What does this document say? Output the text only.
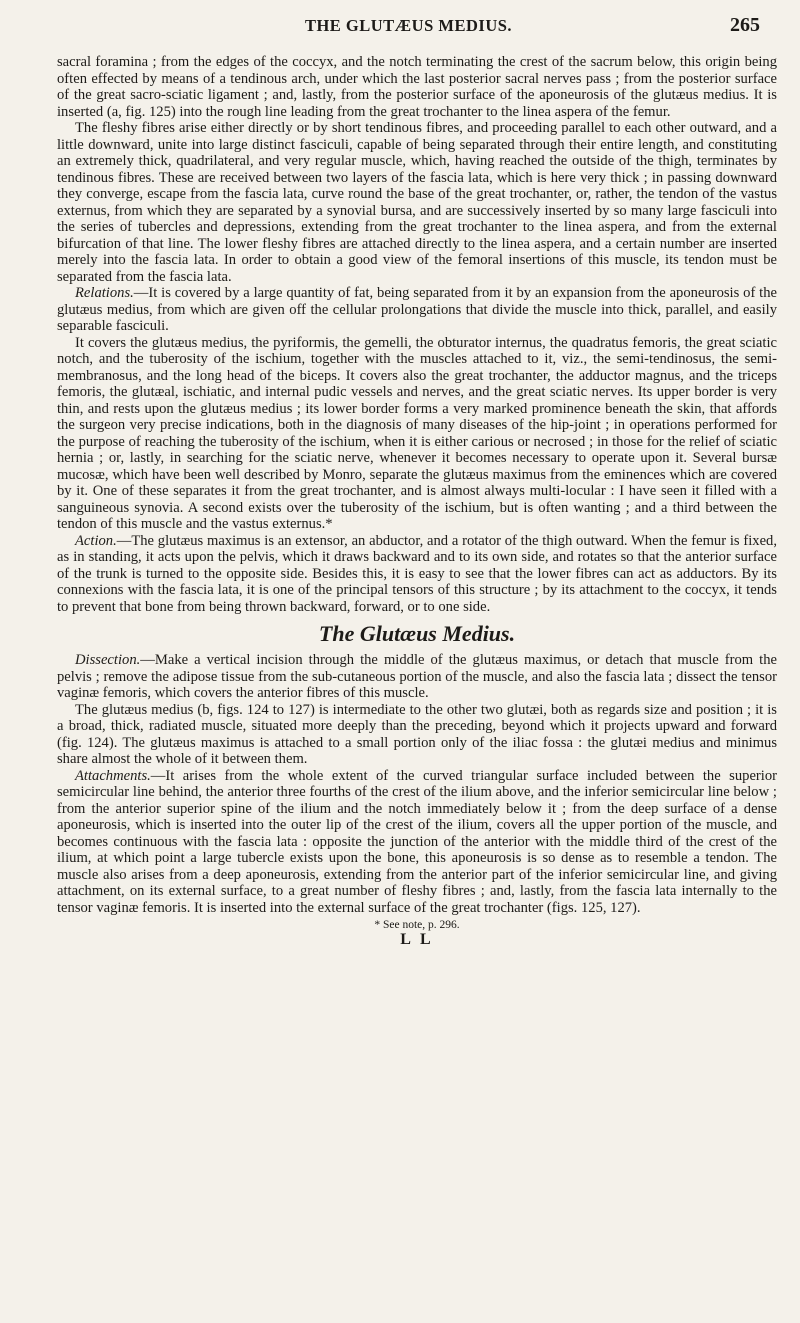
THE GLUTÆUS MEDIUS.	265

sacral foramina ; from the edges of the coccyx, and the notch terminating the crest of the sacrum below, this origin being often effected by means of a tendinous arch, under which the last posterior sacral nerves pass ; from the posterior surface of the great sacro-sciatic ligament ; and, lastly, from the posterior surface of the aponeurosis of the glutæus medius. It is inserted (a, fig. 125) into the rough line leading from the great trochanter to the linea aspera of the femur.

The fleshy fibres arise either directly or by short tendinous fibres, and proceeding parallel to each other outward, and a little downward, unite into large distinct fasciculi, capable of being separated through their entire length, and constituting an extremely thick, quadrilateral, and very regular muscle, which, having reached the outside of the thigh, terminates by tendinous fibres. These are received between two layers of the fascia lata, which is here very thick ; in passing downward they converge, escape from the fascia lata, curve round the base of the great trochanter, or, rather, the tendon of the vastus externus, from which they are separated by a synovial bursa, and are successively inserted by so many large fasciculi into the series of tubercles and depressions, extending from the great trochanter to the linea aspera, and from the external bifurcation of that line. The lower fleshy fibres are attached directly to the linea aspera, and a certain number are inserted merely into the fascia lata. In order to obtain a good view of the femoral insertions of this muscle, its tendon must be separated from the fascia lata.

Relations.—It is covered by a large quantity of fat, being separated from it by an expansion from the aponeurosis of the glutæus medius, from which are given off the cellular prolongations that divide the muscle into thick, parallel, and easily separable fasciculi.

It covers the glutæus medius, the pyriformis, the gemelli, the obturator internus, the quadratus femoris, the great sciatic notch, and the tuberosity of the ischium, together with the muscles attached to it, viz., the semi-tendinosus, the semi-membranosus, and the long head of the biceps. It covers also the great trochanter, the adductor magnus, and the triceps femoris, the glutæal, ischiatic, and internal pudic vessels and nerves, and the great sciatic nerves. Its upper border is very thin, and rests upon the glutæus medius ; its lower border forms a very marked prominence beneath the skin, that affords the surgeon very precise indications, both in the diagnosis of many diseases of the hip-joint ; in operations performed for the purpose of reaching the tuberosity of the ischium, when it is either carious or necrosed ; in those for the relief of sciatic hernia ; or, lastly, in searching for the sciatic nerve, whenever it becomes necessary to operate upon it. Several bursæ mucosæ, which have been well described by Monro, separate the glutæus maximus from the eminences which are covered by it. One of these separates it from the great trochanter, and is almost always multi-locular : I have seen it filled with a sanguineous synovia. A second exists over the tuberosity of the ischium, but is often wanting ; and a third between the tendon of this muscle and the vastus externus.*

Action.—The glutæus maximus is an extensor, an abductor, and a rotator of the thigh outward. When the femur is fixed, as in standing, it acts upon the pelvis, which it draws backward and to its own side, and rotates so that the anterior surface of the trunk is turned to the opposite side. Besides this, it is easy to see that the lower fibres can act as adductors. By its connexions with the fascia lata, it is one of the principal tensors of this structure ; by its attachment to the coccyx, it tends to prevent that bone from being thrown backward, forward, or to one side.

The Glutæus Medius.

Dissection.—Make a vertical incision through the middle of the glutæus maximus, or detach that muscle from the pelvis ; remove the adipose tissue from the sub-cutaneous portion of the muscle, and also the fascia lata ; dissect the tensor vaginæ femoris, which covers the anterior fibres of this muscle.

The glutæus medius (b, figs. 124 to 127) is intermediate to the other two glutæi, both as regards size and position ; it is a broad, thick, radiated muscle, situated more deeply than the preceding, beyond which it projects upward and forward (fig. 124). The glutæus maximus is attached to a small portion only of the iliac fossa : the glutæi medius and minimus share almost the whole of it between them.

Attachments.—It arises from the whole extent of the curved triangular surface included between the superior semicircular line behind, the anterior three fourths of the crest of the ilium above, and the inferior semicircular line below ; from the anterior superior spine of the ilium and the notch immediately below it ; from the deep surface of a dense aponeurosis, which is inserted into the outer lip of the crest of the ilium, covers all the upper portion of the muscle, and becomes continuous with the fascia lata : opposite the junction of the anterior with the middle third of the crest of the ilium, at which point a large tubercle exists upon the bone, this aponeurosis is so dense as to resemble a tendon. The muscle also arises from a deep aponeurosis, extending from the anterior part of the inferior semicircular line, and giving attachment, on its external surface, to a great number of fleshy fibres ; and, lastly, from the fascia lata internally to the tensor vaginæ femoris. It is inserted into the external surface of the great trochanter (figs. 125, 127).

* See note, p. 296.
L L
